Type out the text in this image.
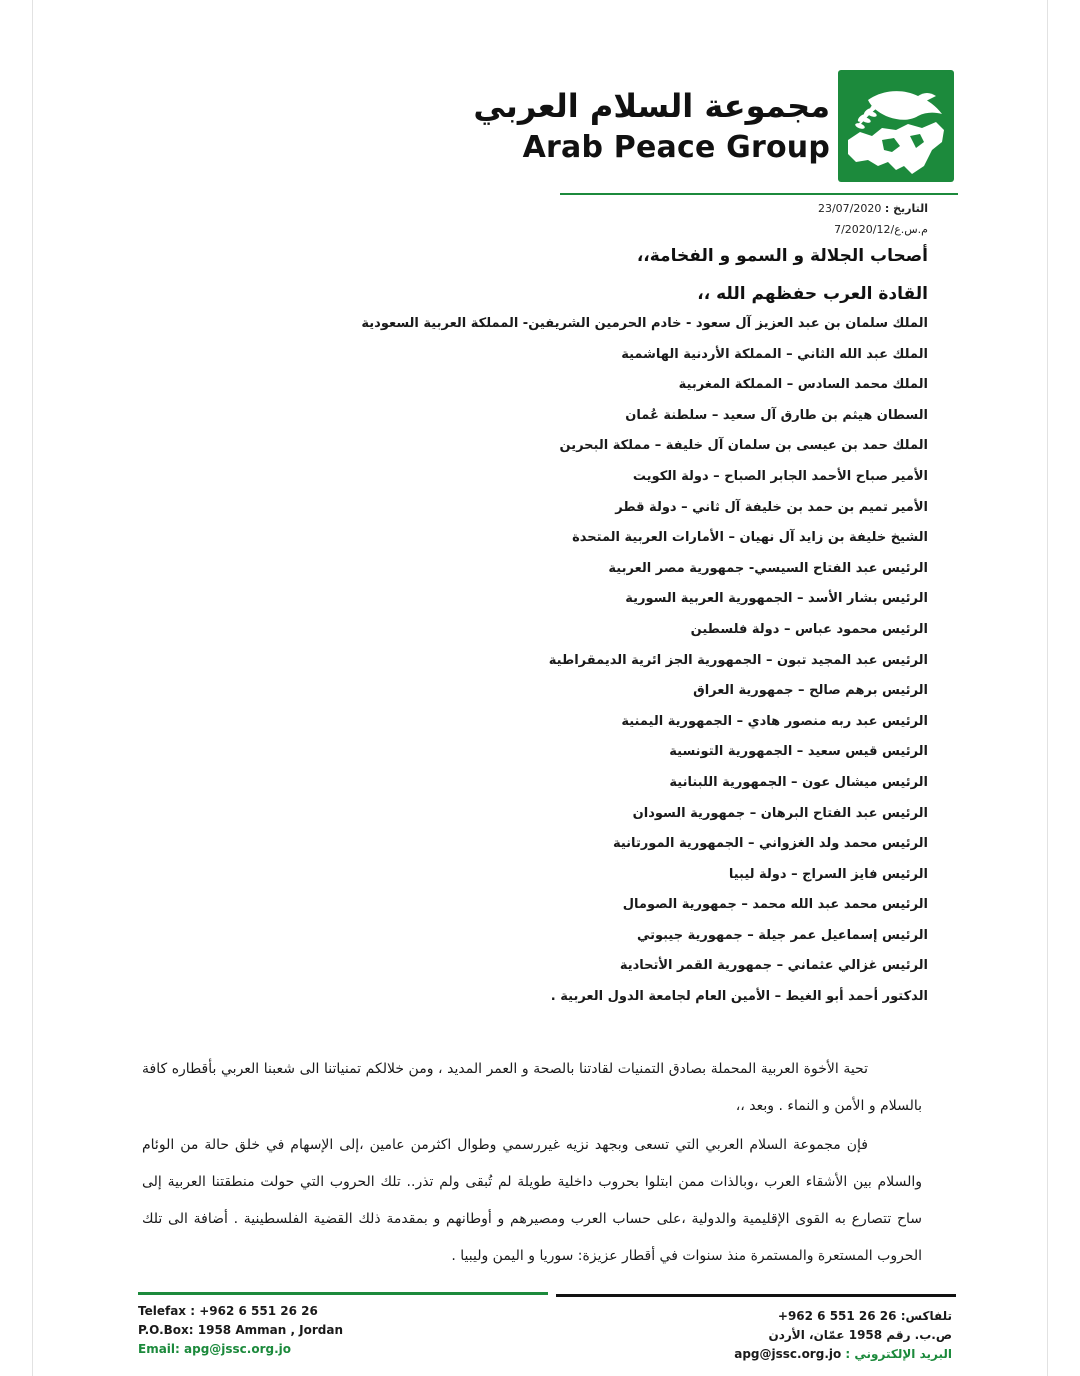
مجموعة السلام العربي
Arab Peace Group
التاريخ : 23/07/2020
م.س.ع/7/2020/12
أصحاب الجلالة و السمو و الفخامة،،
القادة العرب حفظهم الله ،،
الملك سلمان بن عبد العزيز آل سعود - خادم الحرمين الشريفين- المملكة العربية السعودية
الملك عبد الله الثاني – المملكة الأردنية الهاشمية
الملك محمد السادس – المملكة المغربية
السطان هيثم بن طارق آل سعيد – سلطنة عُمان
الملك حمد بن عيسى بن سلمان آل خليفة – مملكة البحرين
الأمير صباح الأحمد الجابر الصباح – دولة الكويت
الأمير تميم بن حمد بن خليفة آل ثاني – دولة قطر
الشيخ خليفة بن زايد آل نهيان – الأمارات العربية المتحدة
الرئيس عبد الفتاح السيسي- جمهورية مصر العربية
الرئيس بشار الأسد – الجمهورية العربية السورية
الرئيس محمود عباس – دولة فلسطين
الرئيس عبد المجيد تبون – الجمهورية الجز ائرية الديمقراطية
الرئيس برهم صالح – جمهورية العراق
الرئيس عبد ربه منصور هادي – الجمهورية اليمنية
الرئيس قيس سعيد – الجمهورية التونسية
الرئيس ميشال عون – الجمهورية اللبنانية
الرئيس عبد الفتاح البرهان – جمهورية السودان
الرئيس محمد ولد الغزواني – الجمهورية المورتانية
الرئيس فايز السراج – دولة ليبيا
الرئيس محمد عبد الله محمد – جمهورية الصومال
الرئيس إسماعيل عمر جيلة – جمهورية جيبوتي
الرئيس غزالي عثماني – جمهورية القمر الأتحادية
الدكتور أحمد أبو الغيط – الأمين العام لجامعة الدول العربية .

تحية الأخوة العربية المحملة بصادق التمنيات لقادتنا بالصحة و العمر المديد ، ومن خلالكم تمنياتنا الى شعبنا العربي بأقطاره كافة بالسلام و الأمن و النماء . وبعد ،،

فإن مجموعة السلام العربي التي تسعى وبجهد نزيه غيررسمي وطوال اكثرمن عامين ،إلى الإسهام في خلق حالة من الوئام والسلام بين الأشقاء العرب ،وبالذات ممن ابتلوا بحروب داخلية طويلة لم تُبقى ولم تذر.. تلك الحروب التي حولت منطقتنا العربية إلى ساح تتصارع به القوى الإقليمية والدولية ،على حساب العرب ومصيرهم و أوطانهم و بمقدمة ذلك القضية الفلسطينية . أضافة الى تلك الحروب المستعرة والمستمرة منذ سنوات في أقطار عزيزة: سوريا و اليمن وليبيا .

Telefax : +962 6 551 26 26
P.O.Box: 1958 Amman , Jordan
Email: apg@jssc.org.jo
تلفاكس: +962 6 551 26 26
ص.ب. رقم 1958 عمّان، الأردن
البريد الإلكتروني : apg@jssc.org.jo
